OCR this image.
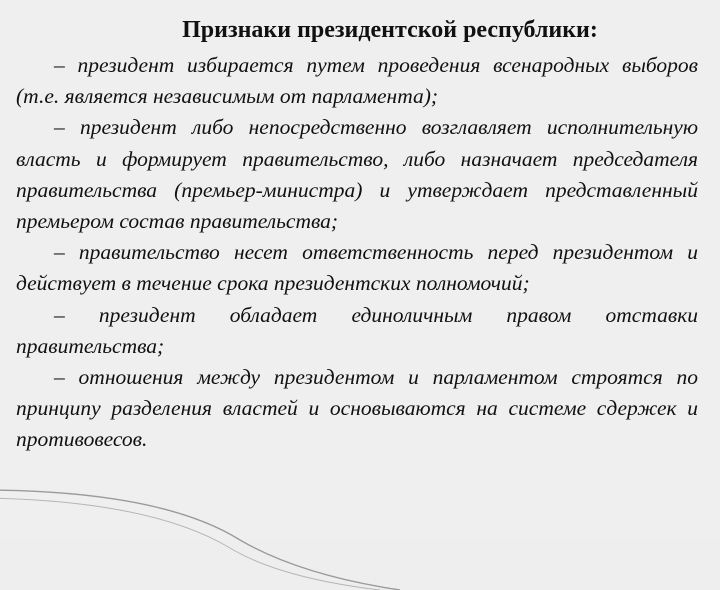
Признаки президентской республики:

– президент избирается путем проведения всенародных выборов (т.е. является независимым от парламента);

– президент либо непосредственно возглавляет исполнительную власть и формирует правительство, либо назначает председателя правительства (премьер-министра) и утверждает представленный премьером состав правительства;

– правительство несет ответственность перед президентом и действует в течение срока президентских полномочий;

– президент обладает единоличным правом отставки правительства;

– отношения между президентом и парламентом строятся по принципу разделения властей и основываются на системе сдержек и противовесов.
